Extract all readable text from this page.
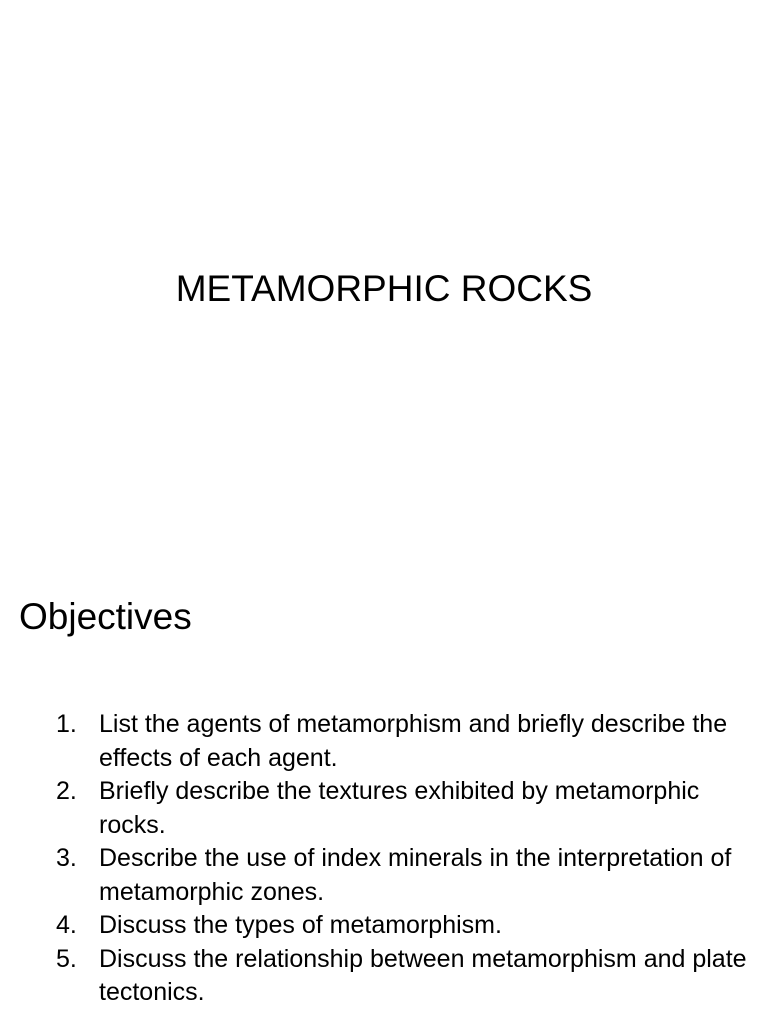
METAMORPHIC ROCKS
Objectives
1. List the agents of metamorphism and briefly describe the effects of each agent.
2. Briefly describe the textures exhibited by metamorphic rocks.
3. Describe the use of index minerals in the interpretation of metamorphic zones.
4. Discuss the types of metamorphism.
5. Discuss the relationship between metamorphism and plate tectonics.
